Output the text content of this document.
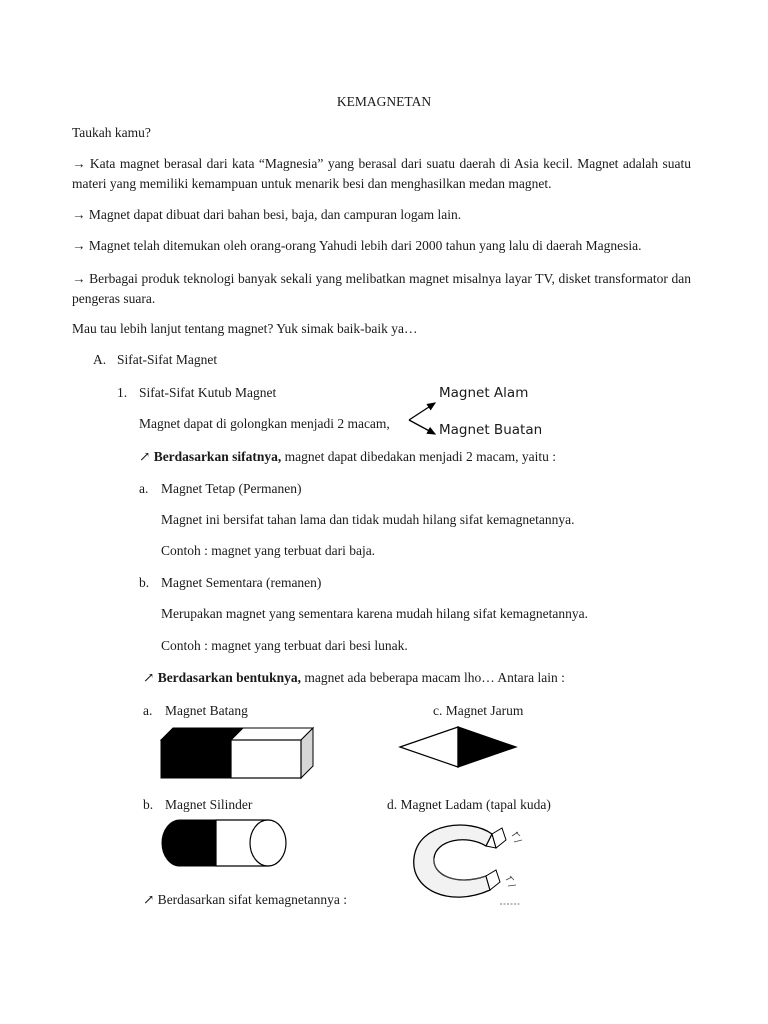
KEMAGNETAN
Taukah kamu?
→ Kata magnet berasal dari kata “Magnesia” yang berasal dari suatu daerah di Asia kecil. Magnet adalah suatu materi yang memiliki kemampuan untuk menarik besi dan menghasilkan medan magnet.
→ Magnet dapat dibuat dari bahan besi, baja, dan campuran logam lain.
→ Magnet telah ditemukan oleh orang-orang Yahudi lebih dari 2000 tahun yang lalu di daerah Magnesia.
→ Berbagai produk teknologi banyak sekali yang melibatkan magnet misalnya layar TV, disket transformator dan pengeras suara.
Mau tau lebih lanjut tentang magnet? Yuk simak baik-baik ya…
A. Sifat-Sifat Magnet
1. Sifat-Sifat Kutub Magnet
Magnet dapat di golongkan menjadi 2 macam,
Magnet Alam
Magnet Buatan
↗ Berdasarkan sifatnya, magnet dapat dibedakan menjadi 2 macam, yaitu :
a. Magnet Tetap (Permanen)
Magnet ini bersifat tahan lama dan tidak mudah hilang sifat kemagnetannya.
Contoh : magnet yang terbuat dari baja.
b. Magnet Sementara (remanen)
Merupakan magnet yang sementara karena mudah hilang sifat kemagnetannya.
Contoh : magnet yang terbuat dari besi lunak.
↗ Berdasarkan bentuknya, magnet ada beberapa macam lho… Antara lain :
a. Magnet Batang	c. Magnet Jarum
b. Magnet Silinder	d. Magnet Ladam (tapal kuda)
↗ Berdasarkan sifat kemagnetannya :
